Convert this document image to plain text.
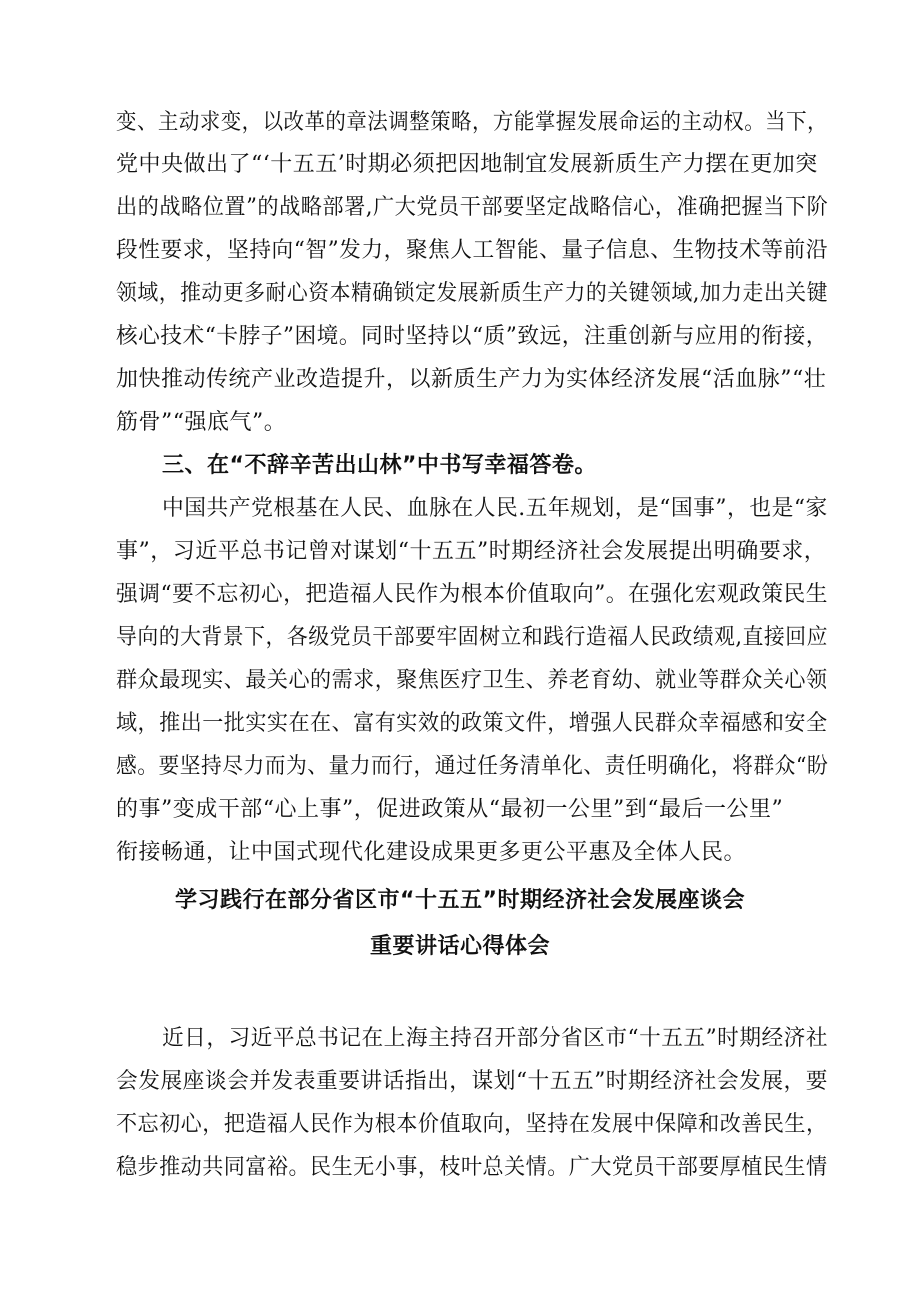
变、主动求变，以改革的章法调整策略，方能掌握发展命运的主动权。当下，
党中央做出了“‘十五五’时期必须把因地制宜发展新质生产力摆在更加突
出的战略位置”的战略部署,广大党员干部要坚定战略信心，准确把握当下阶
段性要求，坚持向“智”发力，聚焦人工智能、量子信息、生物技术等前沿
领域，推动更多耐心资本精确锁定发展新质生产力的关键领域,加力走出关键
核心技术“卡脖子”困境。同时坚持以“质”致远，注重创新与应用的衔接，
加快推动传统产业改造提升，以新质生产力为实体经济发展“活血脉”“壮
筋骨”“强底气”。
三、在“不辞辛苦出山林”中书写幸福答卷。
中国共产党根基在人民、血脉在人民.五年规划，是“国事”，也是“家
事”，习近平总书记曾对谋划“十五五”时期经济社会发展提出明确要求，
强调“要不忘初心，把造福人民作为根本价值取向”。在强化宏观政策民生
导向的大背景下，各级党员干部要牢固树立和践行造福人民政绩观,直接回应
群众最现实、最关心的需求，聚焦医疗卫生、养老育幼、就业等群众关心领
域，推出一批实实在在、富有实效的政策文件，增强人民群众幸福感和安全
感。要坚持尽力而为、量力而行，通过任务清单化、责任明确化，将群众“盼
的事”变成干部“心上事”，促进政策从“最初一公里”到“最后一公里”
衔接畅通，让中国式现代化建设成果更多更公平惠及全体人民。
学习践行在部分省区市“十五五”时期经济社会发展座谈会
重要讲话心得体会
近日，习近平总书记在上海主持召开部分省区市“十五五”时期经济社
会发展座谈会并发表重要讲话指出，谋划“十五五”时期经济社会发展，要
不忘初心，把造福人民作为根本价值取向，坚持在发展中保障和改善民生，
稳步推动共同富裕。民生无小事，枝叶总关情。广大党员干部要厚植民生情
